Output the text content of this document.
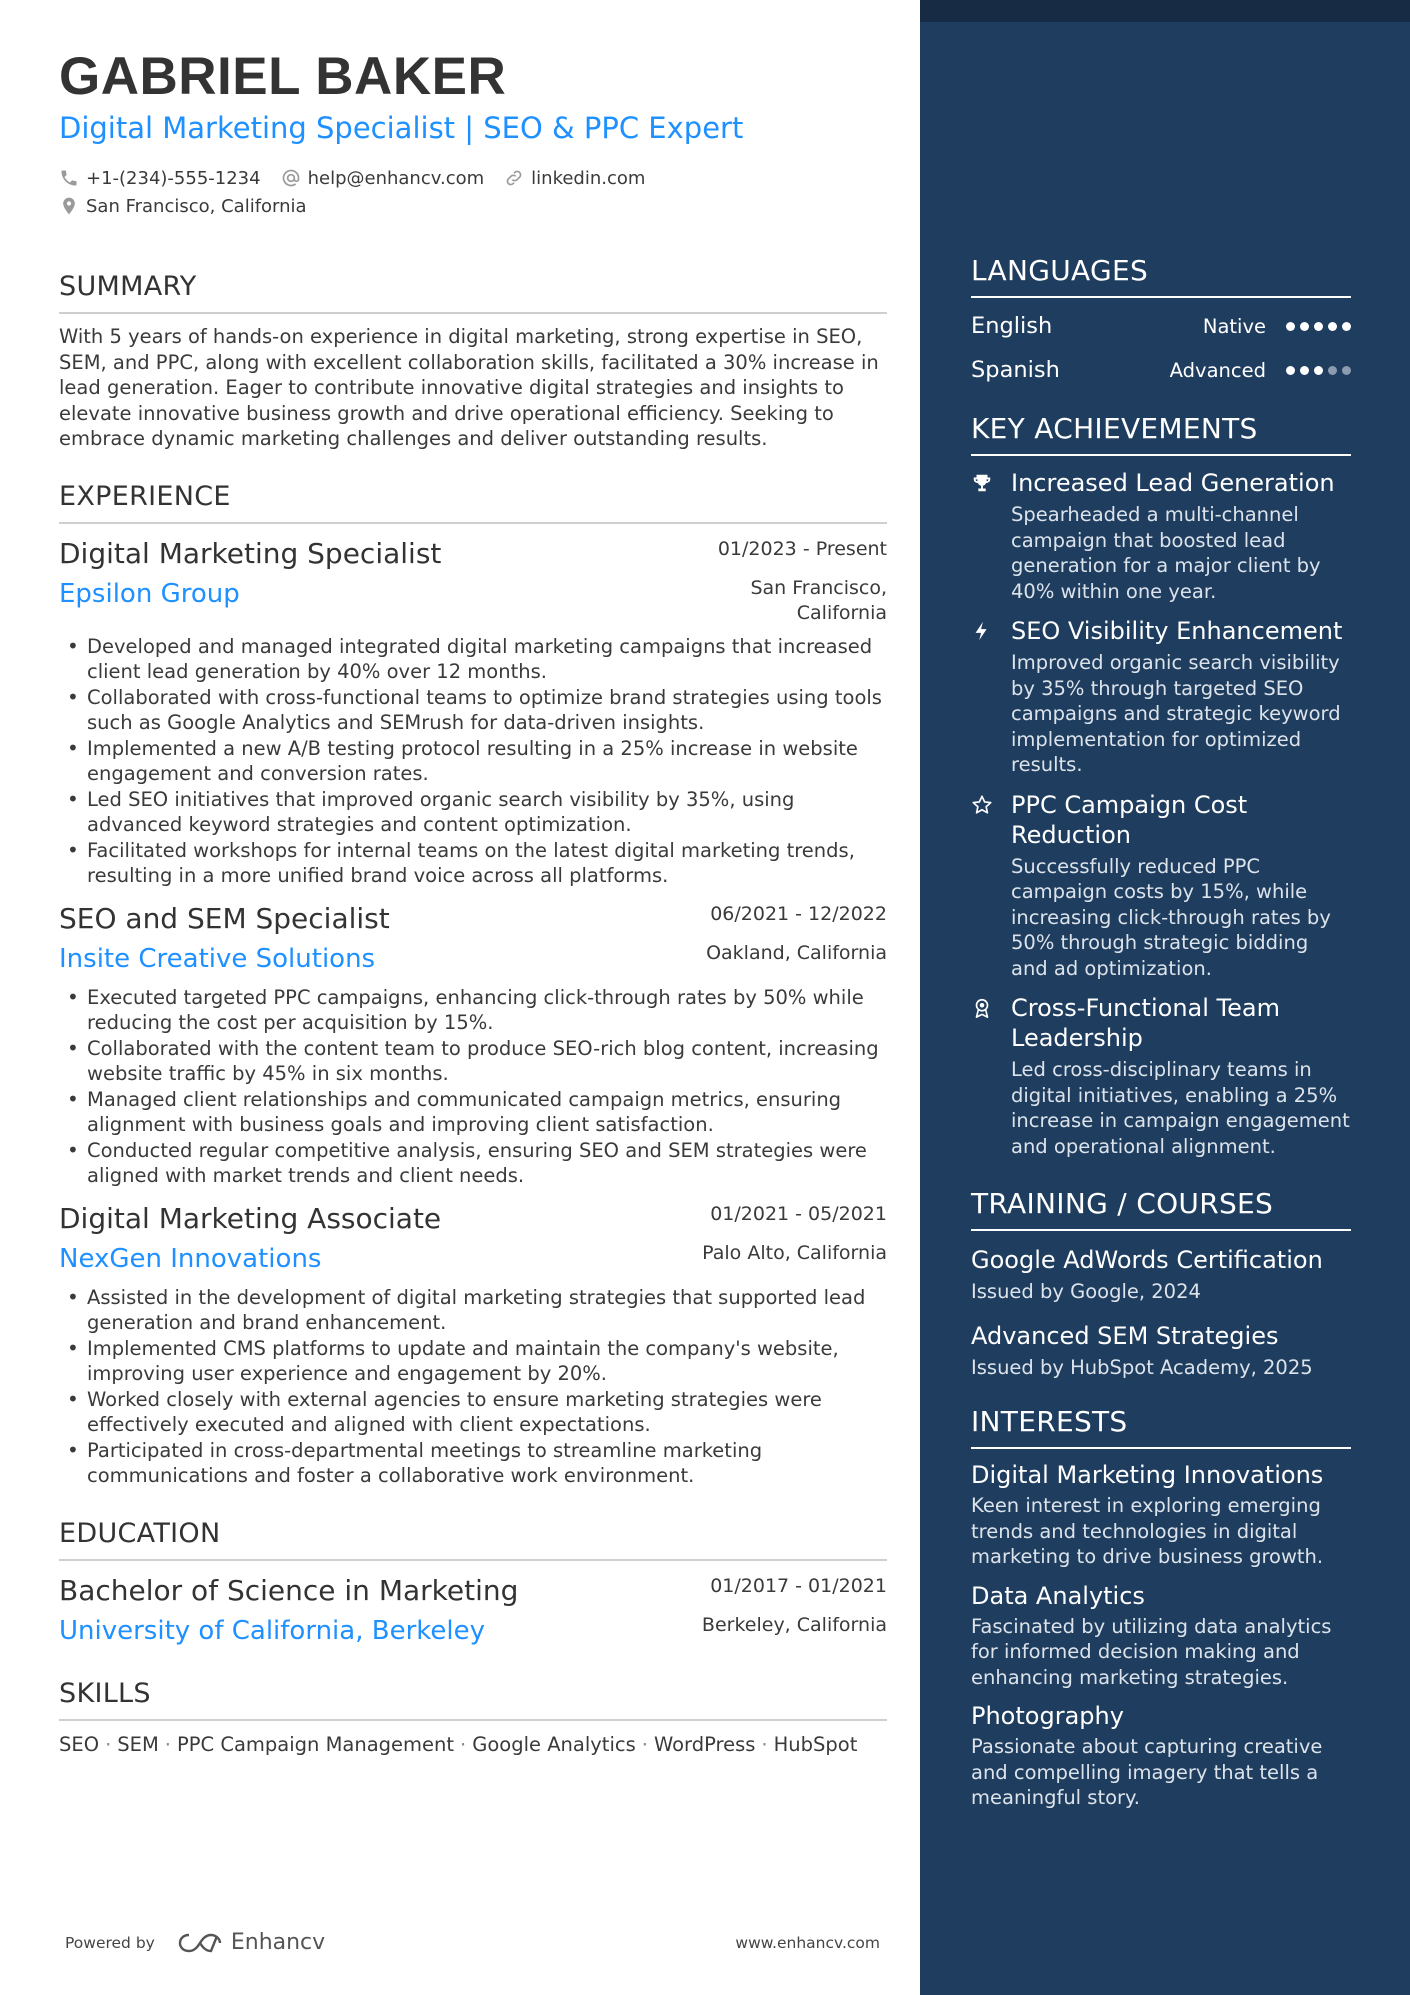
GABRIEL BAKER
Digital Marketing Specialist | SEO & PPC Expert
+1-(234)-555-1234	help@enhancv.com	linkedin.com
San Francisco, California
SUMMARY
With 5 years of hands-on experience in digital marketing, strong expertise in SEO, SEM, and PPC, along with excellent collaboration skills, facilitated a 30% increase in lead generation. Eager to contribute innovative digital strategies and insights to elevate innovative business growth and drive operational efficiency. Seeking to embrace dynamic marketing challenges and deliver outstanding results.
EXPERIENCE
Digital Marketing Specialist	01/2023 - Present
Epsilon Group	San Francisco,
California
• Developed and managed integrated digital marketing campaigns that increased client lead generation by 40% over 12 months.
• Collaborated with cross-functional teams to optimize brand strategies using tools such as Google Analytics and SEMrush for data-driven insights.
• Implemented a new A/B testing protocol resulting in a 25% increase in website engagement and conversion rates.
• Led SEO initiatives that improved organic search visibility by 35%, using advanced keyword strategies and content optimization.
• Facilitated workshops for internal teams on the latest digital marketing trends, resulting in a more unified brand voice across all platforms.
SEO and SEM Specialist	06/2021 - 12/2022
Insite Creative Solutions	Oakland, California
• Executed targeted PPC campaigns, enhancing click-through rates by 50% while reducing the cost per acquisition by 15%.
• Collaborated with the content team to produce SEO-rich blog content, increasing website traffic by 45% in six months.
• Managed client relationships and communicated campaign metrics, ensuring alignment with business goals and improving client satisfaction.
• Conducted regular competitive analysis, ensuring SEO and SEM strategies were aligned with market trends and client needs.
Digital Marketing Associate	01/2021 - 05/2021
NexGen Innovations	Palo Alto, California
• Assisted in the development of digital marketing strategies that supported lead generation and brand enhancement.
• Implemented CMS platforms to update and maintain the company's website, improving user experience and engagement by 20%.
• Worked closely with external agencies to ensure marketing strategies were effectively executed and aligned with client expectations.
• Participated in cross-departmental meetings to streamline marketing communications and foster a collaborative work environment.
EDUCATION
Bachelor of Science in Marketing	01/2017 - 01/2021
University of California, Berkeley	Berkeley, California
SKILLS
SEO · SEM · PPC Campaign Management · Google Analytics · WordPress · HubSpot
Powered by	Enhancv	www.enhancv.com
LANGUAGES
English	Native
Spanish	Advanced
KEY ACHIEVEMENTS
Increased Lead Generation
Spearheaded a multi-channel campaign that boosted lead generation for a major client by 40% within one year.
SEO Visibility Enhancement
Improved organic search visibility by 35% through targeted SEO campaigns and strategic keyword implementation for optimized results.
PPC Campaign Cost Reduction
Successfully reduced PPC campaign costs by 15%, while increasing click-through rates by 50% through strategic bidding and ad optimization.
Cross-Functional Team Leadership
Led cross-disciplinary teams in digital initiatives, enabling a 25% increase in campaign engagement and operational alignment.
TRAINING / COURSES
Google AdWords Certification
Issued by Google, 2024
Advanced SEM Strategies
Issued by HubSpot Academy, 2025
INTERESTS
Digital Marketing Innovations
Keen interest in exploring emerging trends and technologies in digital marketing to drive business growth.
Data Analytics
Fascinated by utilizing data analytics for informed decision making and enhancing marketing strategies.
Photography
Passionate about capturing creative and compelling imagery that tells a meaningful story.
